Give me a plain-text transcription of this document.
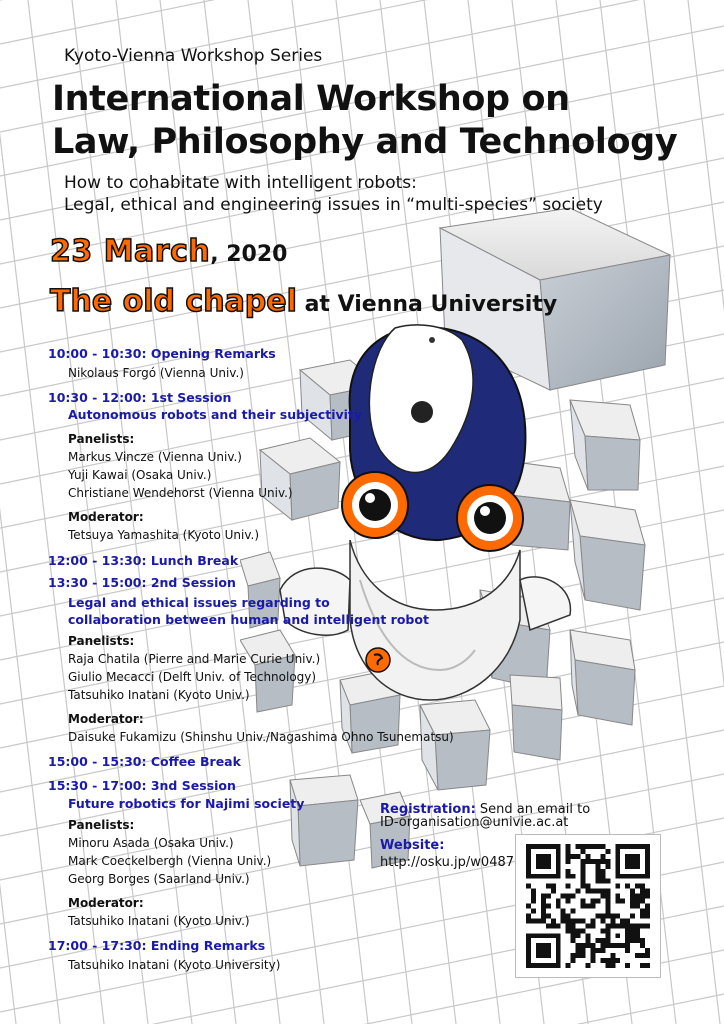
Kyoto-Vienna Workshop Series
International Workshop on
Law, Philosophy and Technology
How to cohabitate with intelligent robots:
Legal, ethical and engineering issues in “multi-species” society
23 March, 2020
The old chapel at Vienna University
10:00 - 10:30: Opening Remarks
Nikolaus Forgó (Vienna Univ.)
10:30 - 12:00: 1st Session
Autonomous robots and their subjectivity
Panelists:
Markus Vincze (Vienna Univ.)
Yuji Kawai (Osaka Univ.)
Christiane Wendehorst (Vienna Univ.)
Moderator:
Tetsuya Yamashita (Kyoto Univ.)
12:00 - 13:30: Lunch Break
13:30 - 15:00: 2nd Session
Legal and ethical issues regarding to
collaboration between human and intelligent robot
Panelists:
Raja Chatila (Pierre and Marie Curie Univ.)
Giulio Mecacci (Delft Univ. of Technology)
Tatsuhiko Inatani (Kyoto Univ.)
Moderator:
Daisuke Fukamizu (Shinshu Univ./Nagashima Ohno Tsunematsu)
15:00 - 15:30: Coffee Break
15:30 - 17:00: 3nd Session
Future robotics for Najimi society
Panelists:
Minoru Asada (Osaka Univ.)
Mark Coeckelbergh (Vienna Univ.)
Georg Borges (Saarland Univ.)
Moderator:
Tatsuhiko Inatani (Kyoto Univ.)
17:00 - 17:30: Ending Remarks
Tatsuhiko Inatani (Kyoto University)
Registration: Send an email to
ID-organisation@univie.ac.at
Website:
http://osku.jp/w0487
